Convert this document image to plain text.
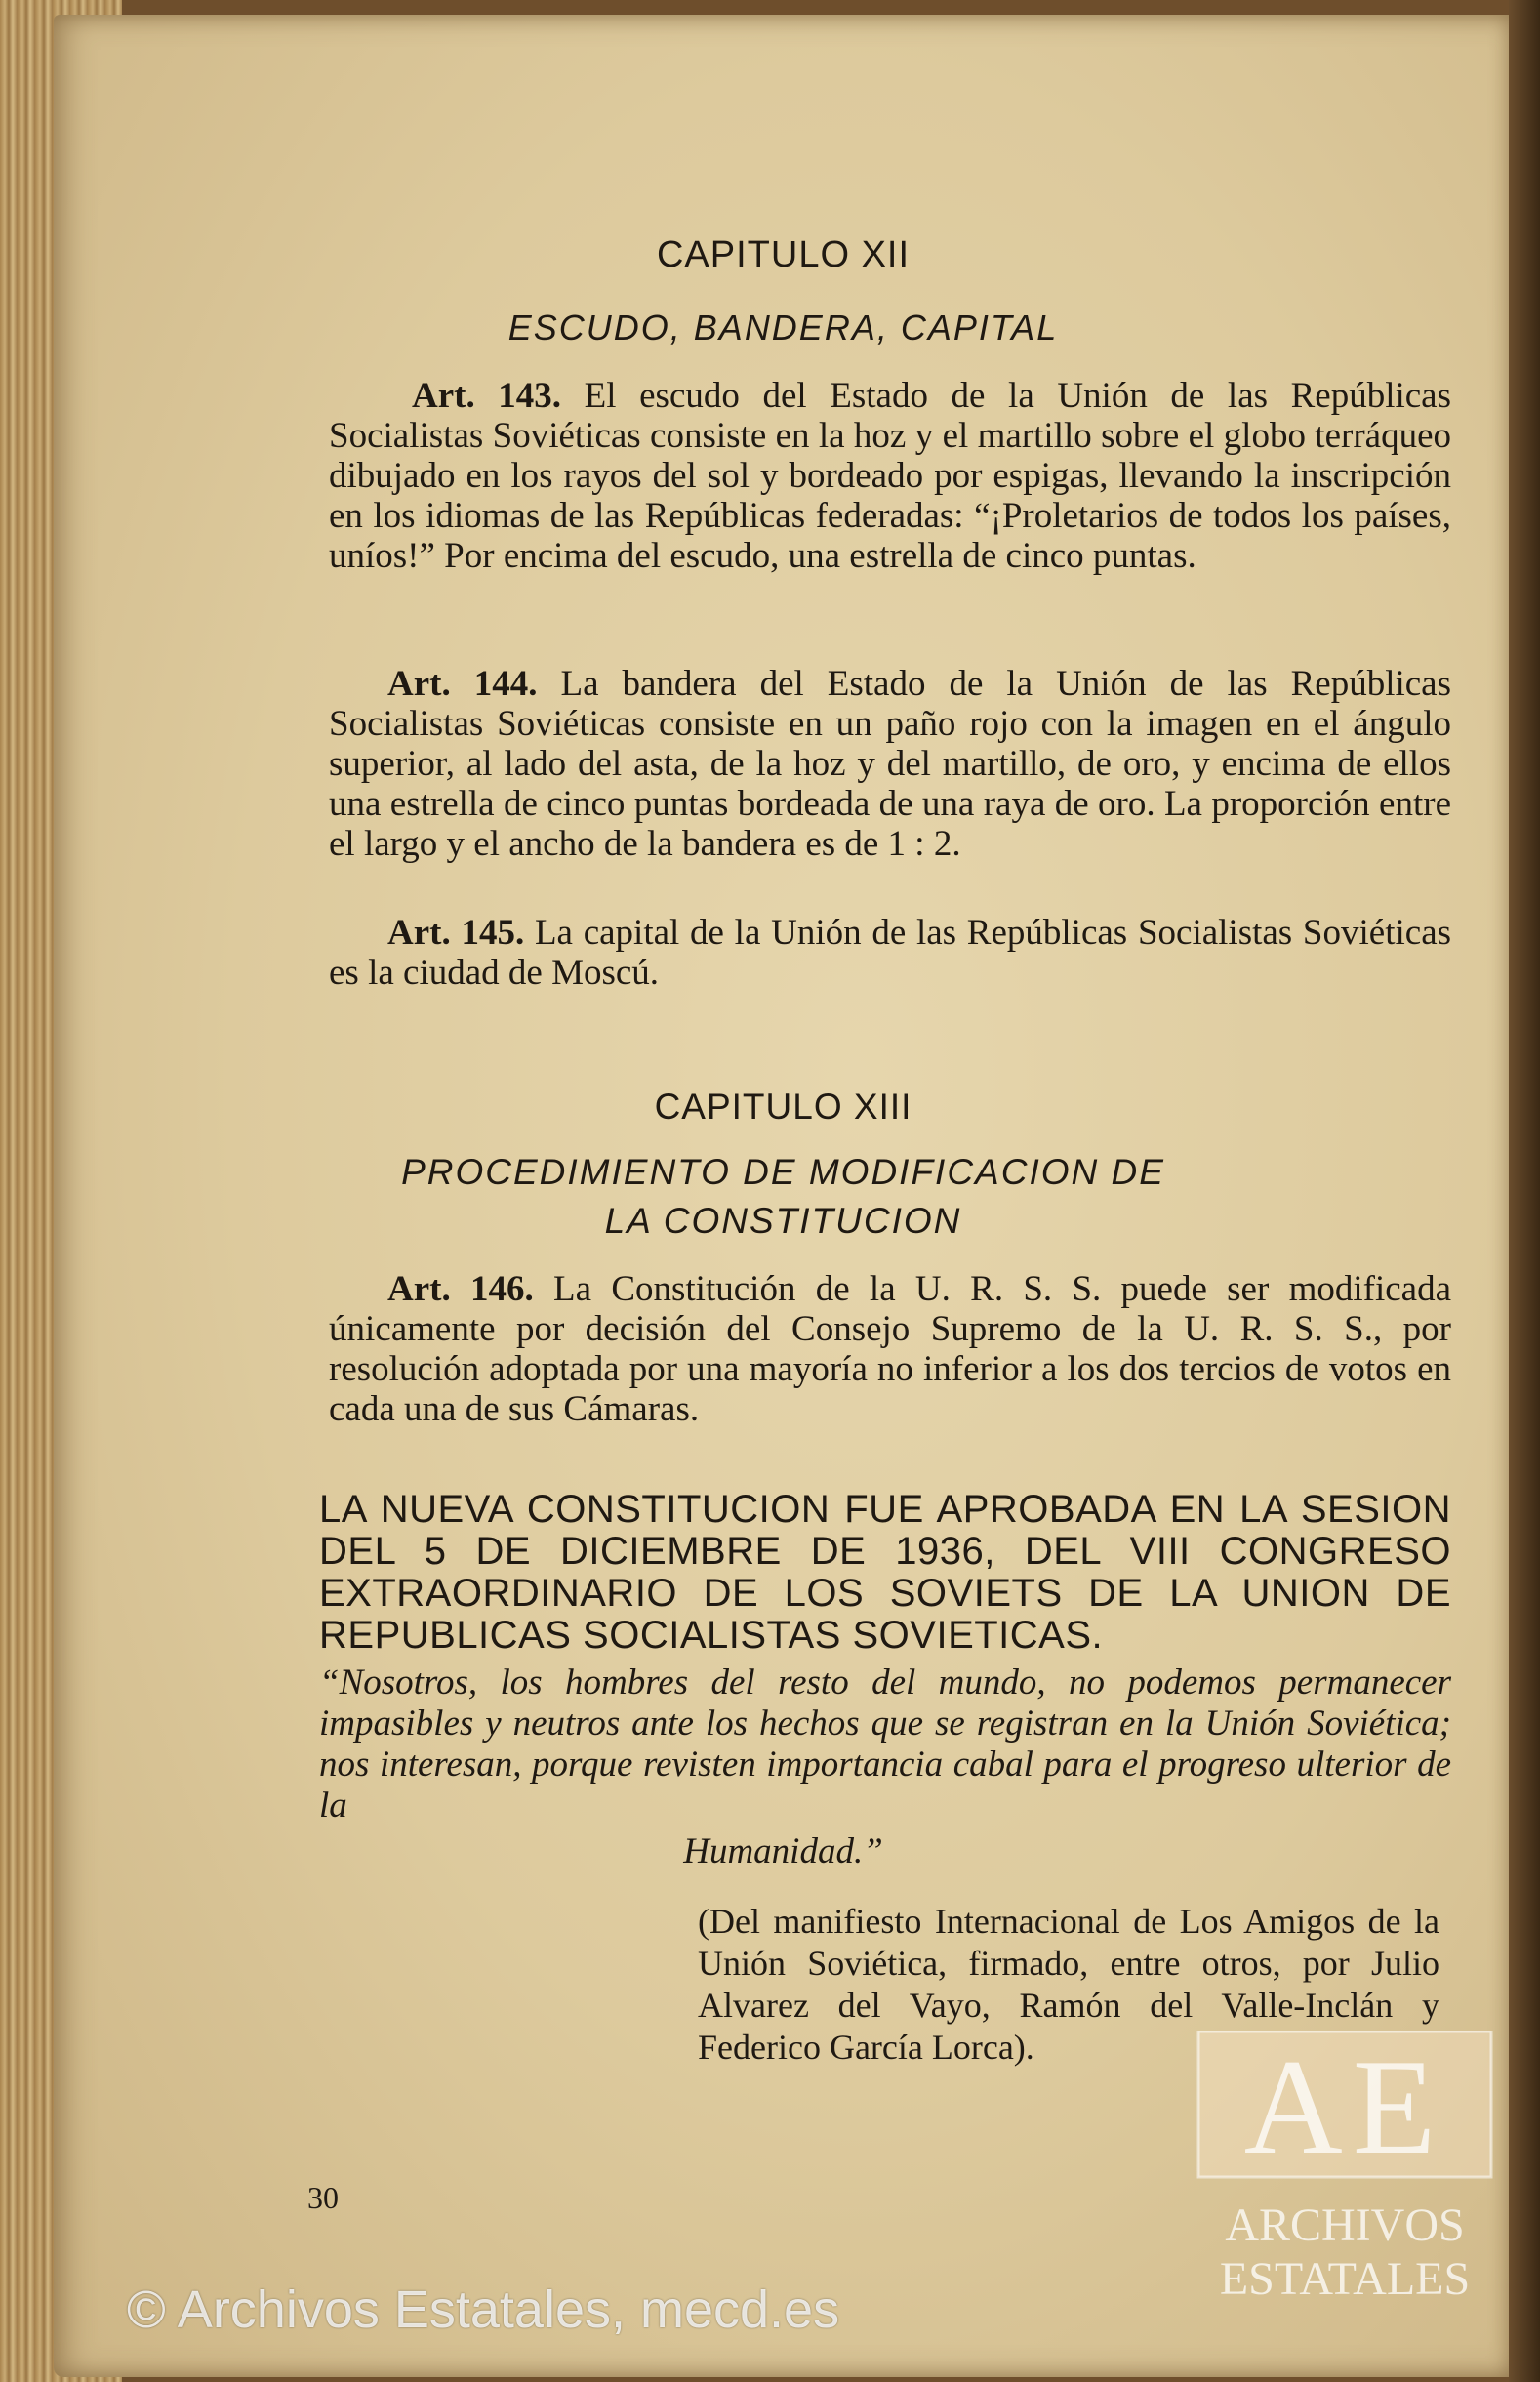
CAPITULO XII
ESCUDO, BANDERA, CAPITAL
Art. 143. El escudo del Estado de la Unión de las Repúblicas Socialistas Soviéticas consiste en la hoz y el martillo sobre el globo terráqueo dibujado en los rayos del sol y bordeado por espigas, llevando la inscripción en los idiomas de las Repúblicas federadas: “¡Proletarios de todos los países, uníos!” Por encima del escudo, una estrella de cinco puntas.
Art. 144. La bandera del Estado de la Unión de las Repúblicas Socialistas Soviéticas consiste en un paño rojo con la imagen en el ángulo superior, al lado del asta, de la hoz y del martillo, de oro, y encima de ellos una estrella de cinco puntas bordeada de una raya de oro. La proporción entre el largo y el ancho de la bandera es de 1 : 2.
Art. 145. La capital de la Unión de las Repúblicas Socialistas Soviéticas es la ciudad de Moscú.
CAPITULO XIII
PROCEDIMIENTO DE MODIFICACION DE
LA CONSTITUCION
Art. 146. La Constitución de la U. R. S. S. puede ser modificada únicamente por decisión del Consejo Supremo de la U. R. S. S., por resolución adoptada por una mayoría no inferior a los dos tercios de votos en cada una de sus Cámaras.
LA NUEVA CONSTITUCION FUE APROBADA EN LA SESION DEL 5 DE DICIEMBRE DE 1936, DEL VIII CONGRESO EXTRAORDINARIO DE LOS SOVIETS DE LA UNION DE REPUBLICAS SOCIALISTAS SOVIETICAS.
“Nosotros, los hombres del resto del mundo, no podemos permanecer impasibles y neutros ante los hechos que se registran en la Unión Soviética; nos interesan, porque revisten importancia cabal para el progreso ulterior de la
Humanidad.”
(Del manifiesto Internacional de Los Amigos de la Unión Soviética, firmado, entre otros, por Julio Alvarez del Vayo, Ramón del Valle-Inclán y Federico García Lorca).
30
AE
ARCHIVOS
ESTATALES
© Archivos Estatales, mecd.es
